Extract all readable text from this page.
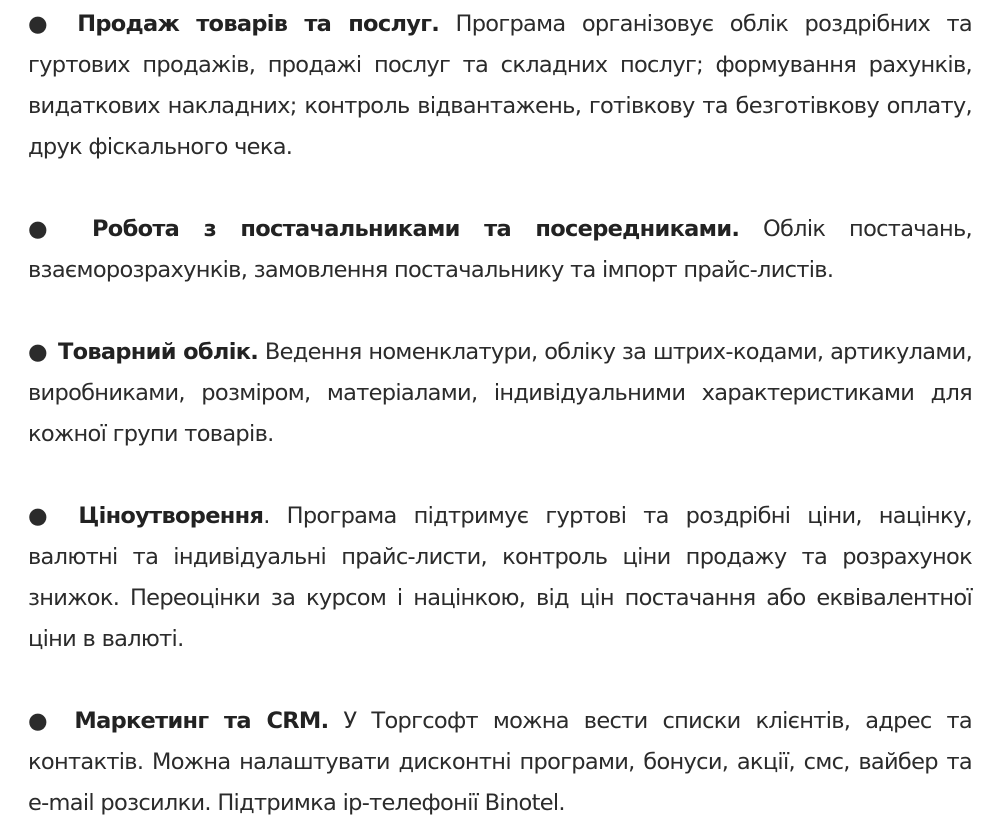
● Продаж товарів та послуг. Програма організовує облік роздрібних та гуртових продажів, продажі послуг та складних послуг; формування рахунків, видаткових накладних; контроль відвантажень, готівкову та безготівкову оплату, друк фіскального чека.

● Робота з постачальниками та посередниками. Облік постачань, взаєморозрахунків, замовлення постачальнику та імпорт прайс-листів.

● Товарний облік. Ведення номенклатури, обліку за штрих-кодами, артикулами, виробниками, розміром, матеріалами, індивідуальними характеристиками для кожної групи товарів.

● Ціноутворення. Програма підтримує гуртові та роздрібні ціни, націнку, валютні та індивідуальні прайс-листи, контроль ціни продажу та розрахунок знижок. Переоцінки за курсом і націнкою, від цін постачання або еквівалентної ціни в валюті.

● Маркетинг та CRM. У Торгсофт можна вести списки клієнтів, адрес та контактів. Можна налаштувати дисконтні програми, бонуси, акції, смс, вайбер та e-mail розсилки. Підтримка ip-телефонії Binotel.
